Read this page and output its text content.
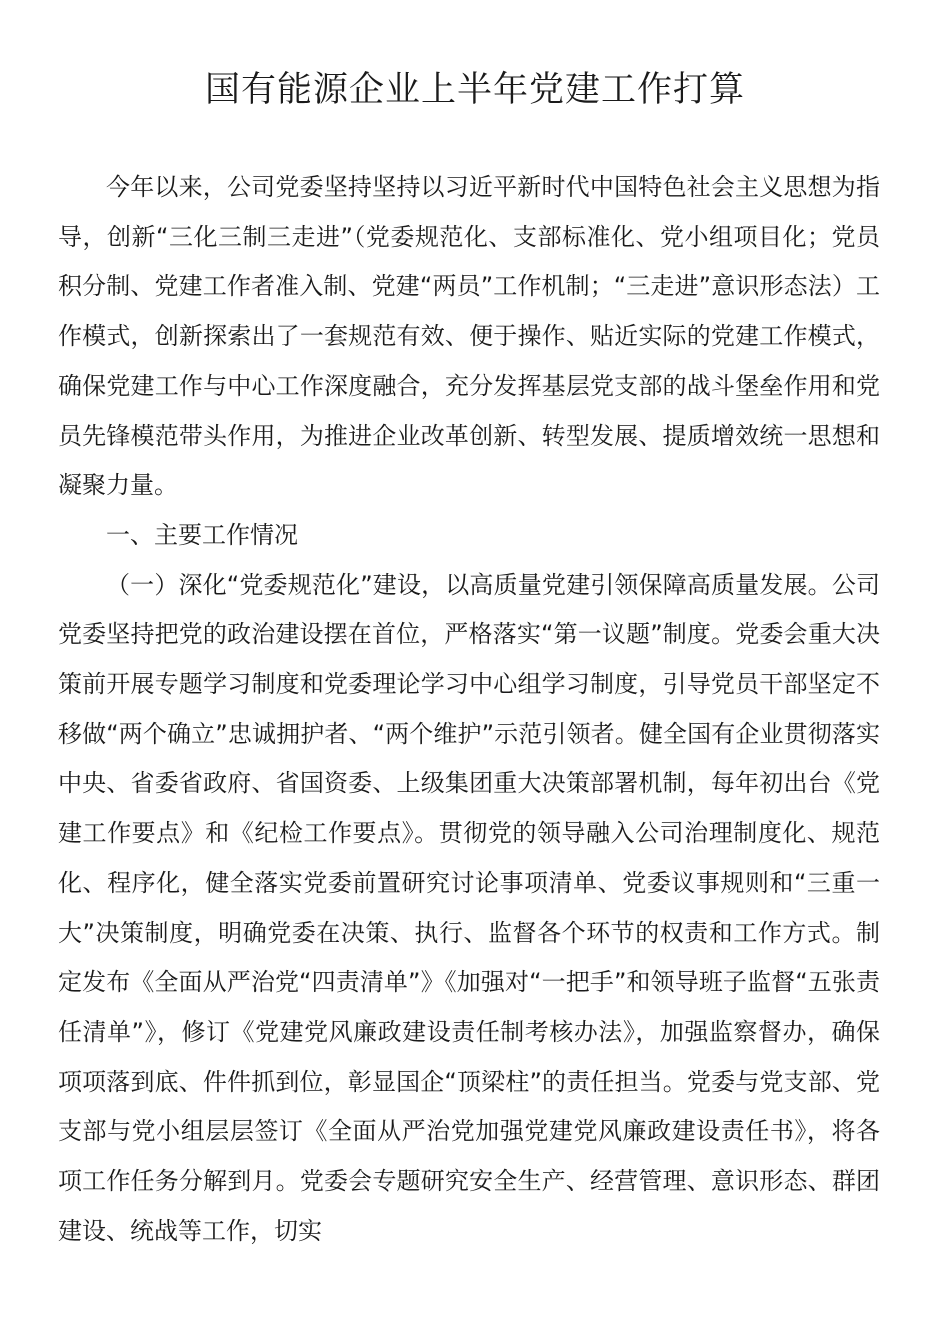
国有能源企业上半年党建工作打算

今年以来，公司党委坚持坚持以习近平新时代中国特色社会主义思想为指导，创新“三化三制三走进”（党委规范化、支部标准化、党小组项目化；党员积分制、党建工作者准入制、党建“两员”工作机制；“三走进”意识形态法）工作模式，创新探索出了一套规范有效、便于操作、贴近实际的党建工作模式，确保党建工作与中心工作深度融合，充分发挥基层党支部的战斗堡垒作用和党员先锋模范带头作用，为推进企业改革创新、转型发展、提质增效统一思想和凝聚力量。

一、主要工作情况

（一）深化“党委规范化”建设，以高质量党建引领保障高质量发展。公司党委坚持把党的政治建设摆在首位，严格落实“第一议题”制度。党委会重大决策前开展专题学习制度和党委理论学习中心组学习制度，引导党员干部坚定不移做“两个确立”忠诚拥护者、“两个维护”示范引领者。健全国有企业贯彻落实中央、省委省政府、省国资委、上级集团重大决策部署机制，每年初出台《党建工作要点》和《纪检工作要点》。贯彻党的领导融入公司治理制度化、规范化、程序化，健全落实党委前置研究讨论事项清单、党委议事规则和“三重一大”决策制度，明确党委在决策、执行、监督各个环节的权责和工作方式。制定发布《全面从严治党“四责清单”》《加强对“一把手”和领导班子监督“五张责任清单”》，修订《党建党风廉政建设责任制考核办法》，加强监察督办，确保项项落到底、件件抓到位，彰显国企“顶梁柱”的责任担当。党委与党支部、党支部与党小组层层签订《全面从严治党加强党建党风廉政建设责任书》，将各项工作任务分解到月。党委会专题研究安全生产、经营管理、意识形态、群团建设、统战等工作，切实
